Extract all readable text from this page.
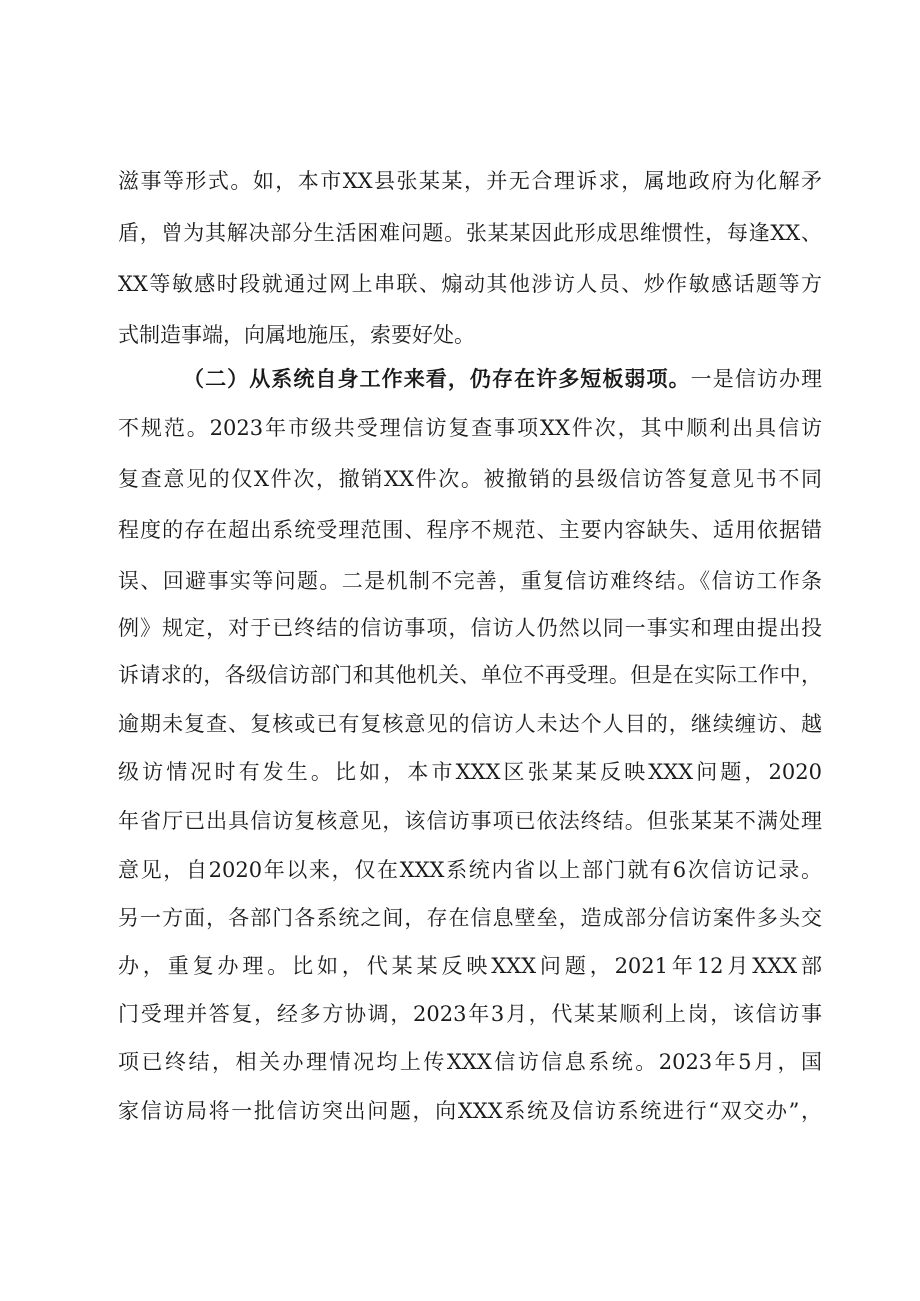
滋事等形式。如，本市XX县张某某，并无合理诉求，属地政府为化解矛
盾，曾为其解决部分生活困难问题。张某某因此形成思维惯性，每逢XX、
XX等敏感时段就通过网上串联、煽动其他涉访人员、炒作敏感话题等方
式制造事端，向属地施压，索要好处。
（二）从系统自身工作来看，仍存在许多短板弱项。一是信访办理
不规范。2023年市级共受理信访复查事项XX件次，其中顺利出具信访
复查意见的仅X件次，撤销XX件次。被撤销的县级信访答复意见书不同
程度的存在超出系统受理范围、程序不规范、主要内容缺失、适用依据错
误、回避事实等问题。二是机制不完善，重复信访难终结。《信访工作条
例》规定，对于已终结的信访事项，信访人仍然以同一事实和理由提出投
诉请求的，各级信访部门和其他机关、单位不再受理。但是在实际工作中，
逾期未复查、复核或已有复核意见的信访人未达个人目的，继续缠访、越
级访情况时有发生。比如，本市XXX区张某某反映XXX问题，2020
年省厅已出具信访复核意见，该信访事项已依法终结。但张某某不满处理
意见，自2020年以来，仅在XXX系统内省以上部门就有6次信访记录。
另一方面，各部门各系统之间，存在信息壁垒，造成部分信访案件多头交
办，重复办理。比如，代某某反映XXX问题，2021年12月XXX部
门受理并答复，经多方协调，2023年3月，代某某顺利上岗，该信访事
项已终结，相关办理情况均上传XXX信访信息系统。2023年5月，国
家信访局将一批信访突出问题，向XXX系统及信访系统进行“双交办”，
